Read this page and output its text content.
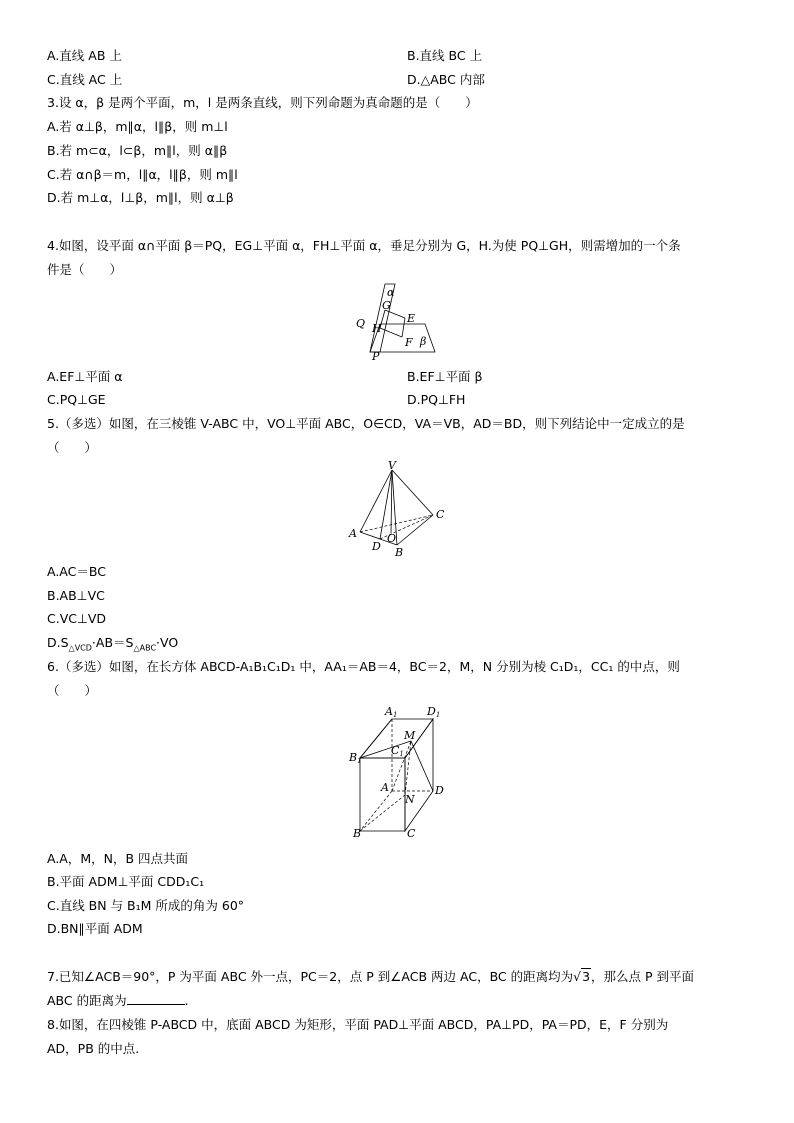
A.直线 AB 上	B.直线 BC 上
C.直线 AC 上	D.△ABC 内部
3.设 α，β 是两个平面，m，l 是两条直线，则下列命题为真命题的是（　　）
A.若 α⊥β，m∥α，l∥β，则 m⊥l
B.若 m⊂α，l⊂β，m∥l，则 α∥β
C.若 α∩β＝m，l∥α，l∥β，则 m∥l
D.若 m⊥α，l⊥β，m∥l，则 α⊥β
4.如图，设平面 α∩平面 β＝PQ，EG⊥平面 α，FH⊥平面 α，垂足分别为 G，H.为使 PQ⊥GH，则需增加的一个条
件是（　　）
α
G
Q H
E
F β
P
A.EF⊥平面 α	B.EF⊥平面 β
C.PQ⊥GE	D.PQ⊥FH
5.（多选）如图，在三棱锥 V-ABC 中，VO⊥平面 ABC，O∈CD，VA＝VB，AD＝BD，则下列结论中一定成立的是
（　　）
V
C
A	O
D B
A.AC＝BC
B.AB⊥VC
C.VC⊥VD
$D.S_{\triangle VCD}\cdot AB=S_{\triangle ABC}\cdot VO$
6.（多选）如图，在长方体 ABCD-A₁B₁C₁D₁ 中，AA₁＝AB＝4，BC＝2，M，N 分别为棱 C₁D₁，CC₁ 的中点，则
（　　）
A1	D1
M
C1
B1
A	D
N
B	C
A.A，M，N，B 四点共面
B.平面 ADM⊥平面 CDD₁C₁
C.直线 BN 与 B₁M 所成的角为 60°
D.BN∥平面 ADM
7.已知∠ACB＝90°，P 为平面 ABC 外一点，PC＝2，点 P 到∠ACB 两边 AC，BC 的距离均为√3，那么点 P 到平面
ABC 的距离为	.
8.如图，在四棱锥 P-ABCD 中，底面 ABCD 为矩形，平面 PAD⊥平面 ABCD，PA⊥PD，PA＝PD，E，F 分别为
AD，PB 的中点.
